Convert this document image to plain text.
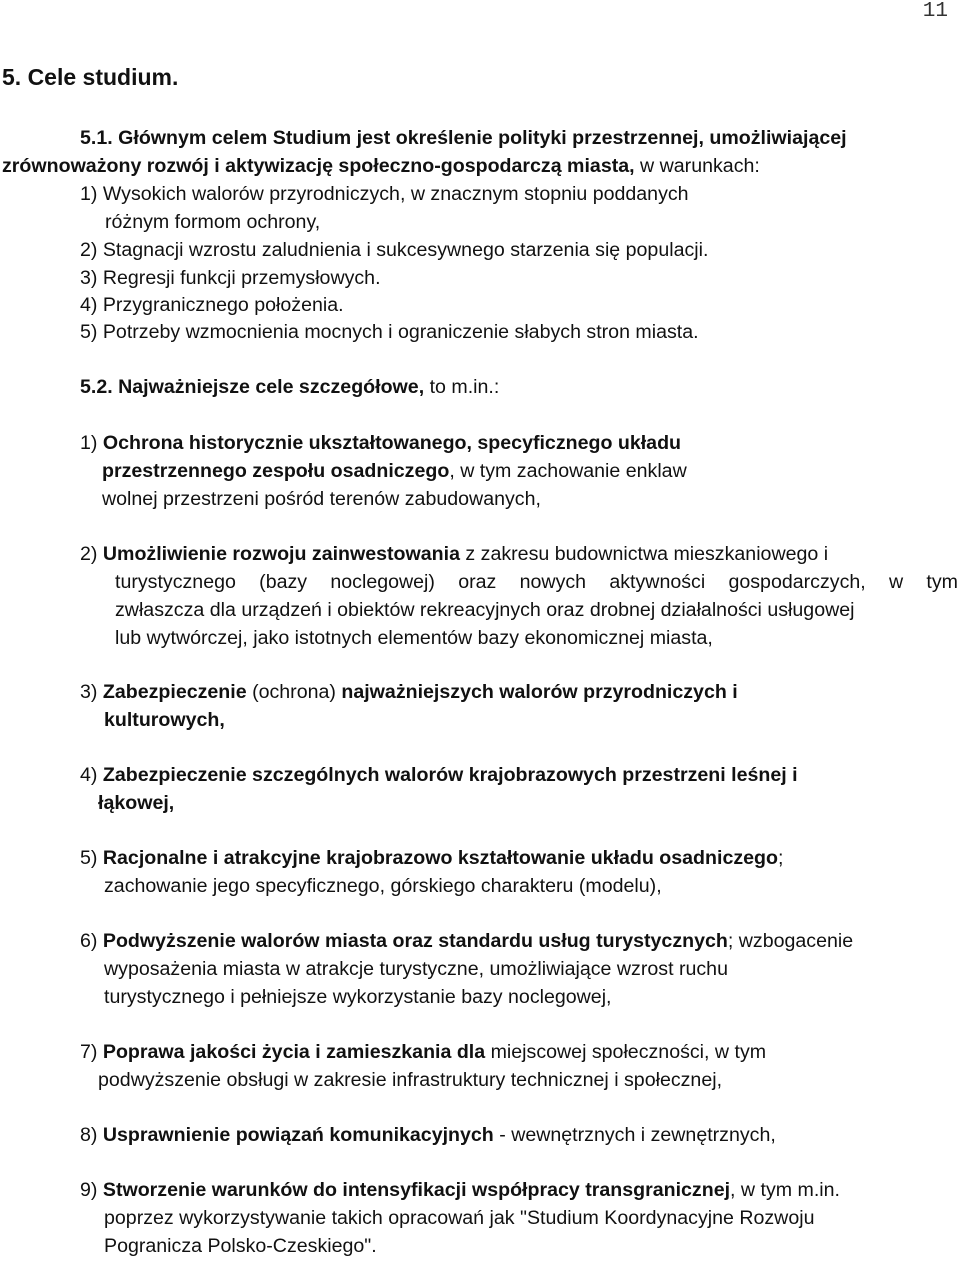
11
5. Cele studium.
5.1. Głównym celem Studium jest określenie polityki przestrzennej, umożliwiającej
zrównoważony rozwój i aktywizację społeczno-gospodarczą miasta, w warunkach:
1) Wysokich walorów przyrodniczych, w znacznym stopniu poddanych
różnym formom ochrony,
2) Stagnacji wzrostu zaludnienia i sukcesywnego starzenia się populacji.
3) Regresji funkcji przemysłowych.
4) Przygranicznego położenia.
5) Potrzeby wzmocnienia mocnych i ograniczenie słabych stron miasta.
5.2. Najważniejsze cele szczegółowe, to m.in.:
1) Ochrona historycznie ukształtowanego, specyficznego układu
przestrzennego zespołu osadniczego, w tym zachowanie enklaw
wolnej przestrzeni pośród terenów zabudowanych,
2) Umożliwienie rozwoju zainwestowania z zakresu budownictwa mieszkaniowego i
turystycznego (bazy noclegowej) oraz nowych aktywności gospodarczych, w tym
zwłaszcza dla urządzeń i obiektów rekreacyjnych oraz drobnej działalności usługowej
lub wytwórczej, jako istotnych elementów bazy ekonomicznej miasta,
3) Zabezpieczenie (ochrona) najważniejszych walorów przyrodniczych i
kulturowych,
4) Zabezpieczenie szczególnych walorów krajobrazowych przestrzeni leśnej i
łąkowej,
5) Racjonalne i atrakcyjne krajobrazowo kształtowanie układu osadniczego;
zachowanie jego specyficznego, górskiego charakteru (modelu),
6) Podwyższenie walorów miasta oraz standardu usług turystycznych; wzbogacenie
wyposażenia miasta w atrakcje turystyczne, umożliwiające wzrost ruchu
turystycznego i pełniejsze wykorzystanie bazy noclegowej,
7) Poprawa jakości życia i zamieszkania dla miejscowej społeczności, w tym
podwyższenie obsługi w zakresie infrastruktury technicznej i społecznej,
8) Usprawnienie powiązań komunikacyjnych - wewnętrznych i zewnętrznych,
9) Stworzenie warunków do intensyfikacji współpracy transgranicznej, w tym m.in.
poprzez wykorzystywanie takich opracowań jak "Studium Koordynacyjne Rozwoju
Pogranicza Polsko-Czeskiego".
